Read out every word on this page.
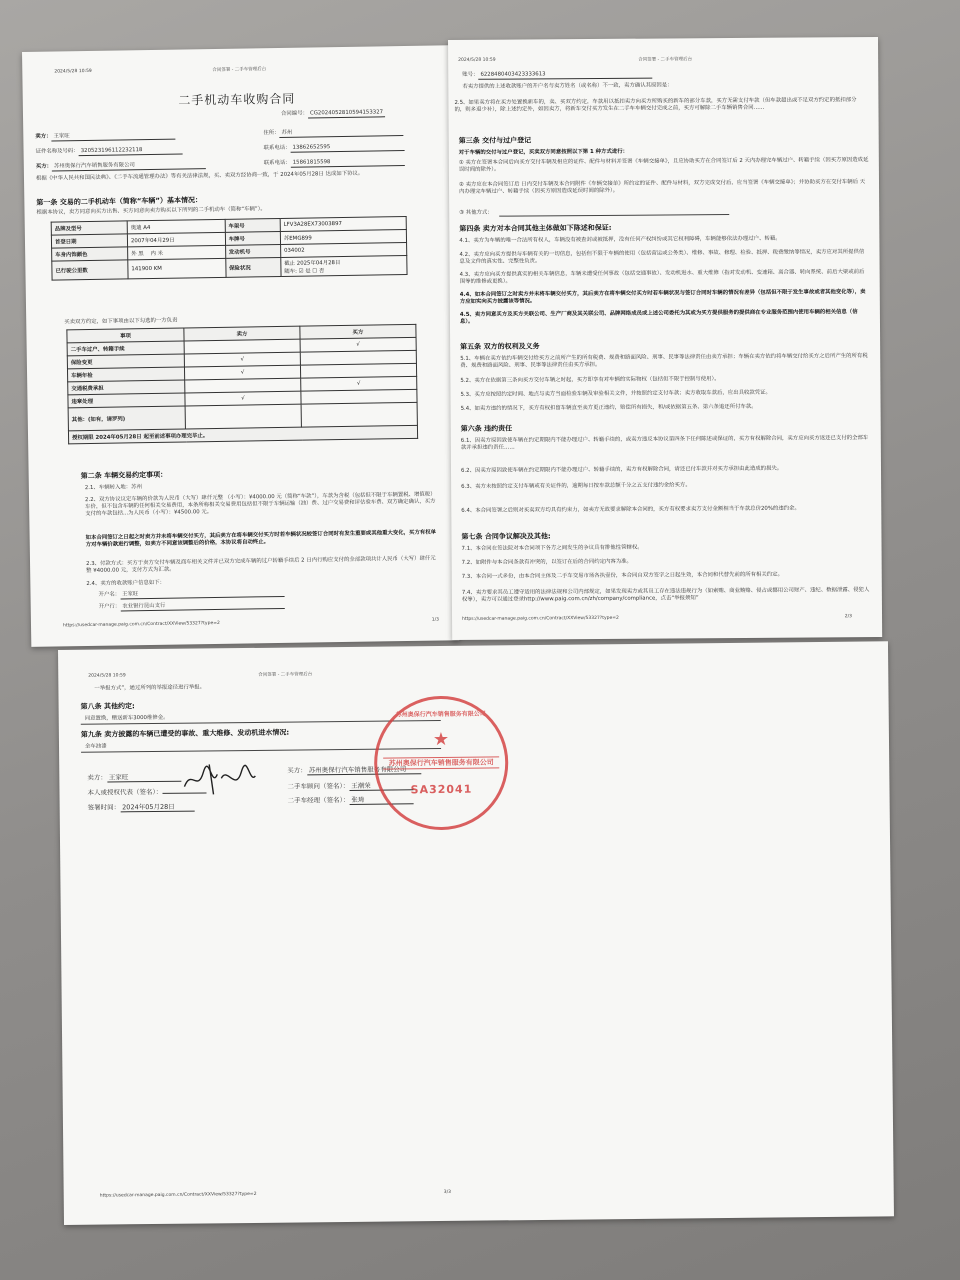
2024/5/28 10:59	合同签署 - 二手车管理后台
二手机动车收购合同
合同编号： CG2024052810594153327
卖方： 王家旺
住所： 苏州
证件名称及号码： 320523196112232118	联系电话： 13862652595
买方： 苏州奥保行汽车销售服务有限公司	联系电话： 15861815598
根据《中华人民共和国民法典》、《二手车流通管理办法》等有关法律法规，买、卖双方经协商一致，于 2024年05月28日 达成如下协议。
第一条 交易的二手机动车（简称“车辆”）基本情况：
根据本协议，卖方同意向买方出售、买方同意向卖方购买以下所列的二手机动车（简称“车辆”）。
品牌及型号	奥迪 A4	车架号	LFV3A28EX73003897
首登日期	2007年04月29日	车牌号	苏EMG899
车身内饰颜色	外 黑 内 米	发动机号	034002
已行驶公里数	141900 KM	保险状况	截止 2025年04月28日
随车: ☑ 是 ☐ 否
买卖双方约定，如下事项由以下勾选的一方负责
事项	卖方	买方
二手车过户、转籍手续		√
保险变更	√	
车辆年检	√	
交通税费承担		√
违章处理	√	
其他：(如有，请罗列)		
授权期限 2024年05月28日 起至前述事项办理完毕止。		
第二条 车辆交易约定事项：
2.1、车辆转入地：苏州
2.2、双方协议议定车辆的价款为人民币（大写）肆仟元整 （小写）：¥4000.00 元（简称“车款”），车款为含税（包括但不限于车辆置税、增值税）车价，但不包含车辆的任何相关交易费用，本条所称相关交易费用包括但不限于车辆运输（油）费、过户交易费和评估验车费、双方确定确认，买方支付的车款包括...为人民币（小写）：¥4500.00 元。
如本合同签订之日起之时卖方并未将车辆交付买方，其后卖方在将车辆交付买方时若车辆状况较签订合同时有发生重要或其他重大变化，买方有权单方对车辆价款进行调整，如卖方不同意该调整后的价格，本协议将自动终止。
2.3、付款方式：买方于卖方交付车辆及商车相关文件并已双方完成车辆的过户转籍手续后 2 日内行购应支付的全部款项共计人民币（大写）肆仟元整 ¥4000.00 元，支付方式为汇款。
2.4、卖方的收款账户信息如下：
开户名： 王家旺
开户行： 农业银行昆山支行
https://usedcar-manage.paig.com.cn/Contract/XXView/53327?type=2
1/3
2024/5/28 10:59	合同签署 - 二手车管理后台
账号： 6228480403423333613
若卖方提供的上述收款账户的开户名与卖方姓名（或名称）不一致，卖方确认其原因是：
2.5、如果卖方将在买方处置换新车的，卖、买双方约定，车款用以抵扣卖方向买方所购买的新车的部分车款，买方无需支付车款（但车款超出或不足双方约定的抵扣部分的，则多退少补），除上述约定外，如因卖方，将新车交付买方发生在二手车车辆交付完成之前，买方可解除二手车辆销售合同……
第三条 交付与过户登记
对于车辆的交付与过户登记，买卖双方同意按照以下第 1 种方式进行：
① 卖方在签署本合同后向买方交付车辆及相应的证件、配件与材料并签署《车辆交接单》，且应协助买方在合同签订后 2 天内办理完车辆过户、转籍手续（因买方原因造成延误时间的除外）。
② 卖方应在本合同签订后 日内交付车辆及本合同附件《车辆交接单》所约定的证件、配件与材料，双方完成交付后，应当签署《车辆交接单》；并协助买方在交付车辆后 天内办理完车辆过户、转籍手续（因买方原因造成延误时间的除外）。
③ 其他方式：
第四条 卖方对本合同其他主体做如下陈述和保证:
4.1、卖方为车辆的唯一合法所有权人，车辆没有被查封或被抵押，没有任何产权纠纷或其它权利障碍，车辆能够依法办理过户、转籍。
4.2、卖方应向买方提供与车辆有关的一切信息，包括但不限于车辆的使用（包括营运或公务类）、维修、事故、修理、检验、抵押、税费缴纳等情况，卖方应对其所提供信息及文件的真实性、完整性负责。
4.3、卖方应向买方提供真实的相关车辆信息，车辆未遭受任何事故（包括交通事故）、发动机进水、重大维修（指对发动机、变速箱、离合器、转向系统、前后大梁或前后围等的维修或更换）。
4.4、如本合同签订之时卖方并未将车辆交付买方，其后卖方在将车辆交付买方时若车辆状况与签订合同时车辆的情况有差异（包括但不限于发生事故或者其他变化等），卖方应如实向买方披露该等情况。
4.5、卖方同意买方及买方关联公司、生产厂商及其关联公司、品牌网络成员或上述公司委托为其或为买方提供服务的提供商在专业服务范围内使用车辆的相关信息（信息）。
第五条 双方的权利及义务
5.1、车辆在卖方依约车辆交付给买方之前所产生的所有税费、规费和路面风险、刑事、民事等法律责任由卖方承担；车辆在卖方依约将车辆交付给买方之后所产生的所有税费、规费和路面风险、刑事、民事等法律责任由买方承担。
5.2、卖方在依据第三条向买方交付车辆之时起，买方即享有对车辆的实际物权（包括但不限于控制与使用）。
5.3、买方应按照约定时间、地点与卖方当面检验车辆及审验相关文件，并按照约定支付车款；卖方收取车款后，应出具收款凭证。
5.4、如卖方违约的情况下，买方有权扣留车辆直至卖方更正违约，赔偿所有损失，和/或依据第五条、第六条追还所付车款。
第六条 违约责任
6.1、因卖方原因致使车辆在约定期限内不能办理过户、转籍手续的，或卖方违反本协议第四条下任何陈述或保证的，买方有权解除合同，卖方应向买方返还已支付的全部车款并承担违约责任……
6.2、因卖方原因致使车辆在约定期限内不能办理过户、转籍手续的，卖方有权解除合同，请还已付车款并对买方承担由此造成的损失。
6.3、卖方未按照约定支付车辆或有关证件的，逾期每日按车款总额千分之五支付违约金给买方。
6.4、本合同签署之后则对买卖双方均具有约束力，如卖方无故要求解除本合同的，买方有权要求卖方支付金额相当于车款总价20%的违约金。
第七条 合同争议解决及其他:
7.1、本合同在签法院对本合同项下各方之间发生的争议具有排他性管辖权。
7.2、如附件与本合同条款有冲突的，以签订在后的合同约定内容为准。
7.3、本合同一式多份，由本合同主体及二手车交易市场各执壹份，本合同自双方签字之日起生效，本合同和代替先前的所有相关约定。
7.4、卖方要求其员工遵守适用的法律法规和公司内部规定，如果发现卖方或其员工存在违法违规行为（如索贿、商业贿赂、侵占或挪用公司财产、违纪、数据泄露、侵犯人权等），卖方可以通过登录http://www.paig.com.cn/zh/company/compliance，点击“举报须知”
https://usedcar-manage.paig.com.cn/Contract/XXView/53327?type=2	2/3
2024/5/28 10:59	合同签署 - 二手车管理后台
一举报方式”，通过所列的举报途径进行举报。
第八条 其他约定:
同意置换，赠送新车3000维修金。
第九条 卖方披露的车辆已遭受的事故、重大维修、发动机进水情况:
全车油漆
卖方： 王家旺
本人或授权代表（签名）：
签署时间： 2024年05月28日
买方： 苏州奥保行汽车销售服务有限公司
二手车顾问（签名）： 王潮荣
二手车经理（签名）： 张琦
苏州奥保行汽车销售服务有限公司
★
苏州奥保行汽车销售服务有限公司
SA32041
https://usedcar-manage.paig.com.cn/Contract/XXView/53327?type=2	3/3
